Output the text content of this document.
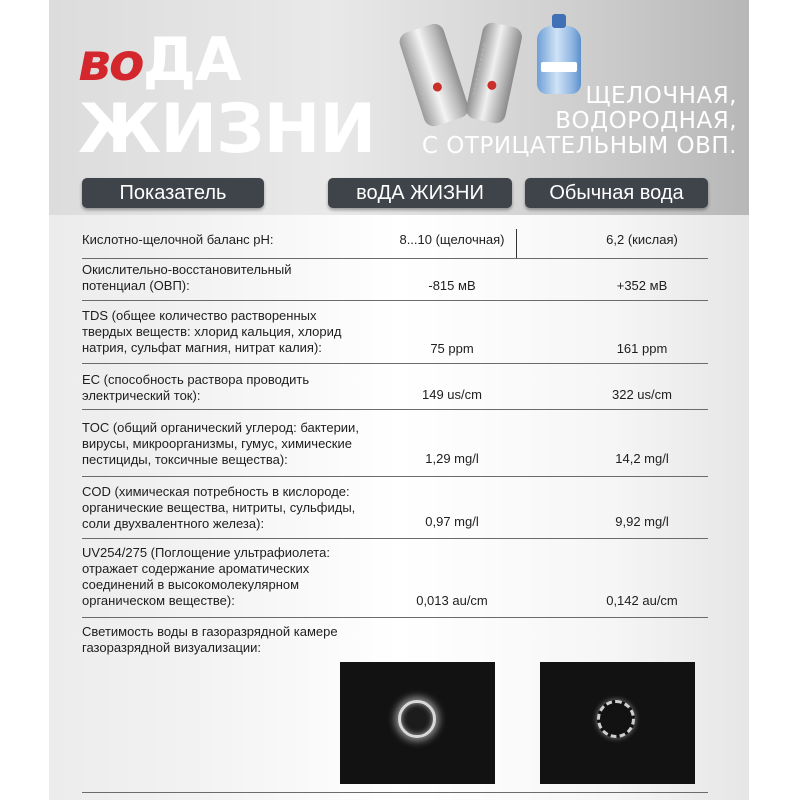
воДА
ЖИЗНИ	ЩЕЛОЧНАЯ,
ВОДОРОДНАЯ,
С ОТРИЦАТЕЛЬНЫМ ОВП.
Показатель	воДА ЖИЗНИ	Обычная вода
Кислотно-щелочной баланс pH:	8...10 (щелочная)	6,2 (кислая)
Окислительно-восстановительный потенциал (ОВП):	-815 мВ	+352 мВ
TDS (общее количество растворенных твердых веществ: хлорид кальция, хлорид натрия, сульфат магния, нитрат калия):	75 ppm	161 ppm
EC (способность раствора проводить электрический ток):	149 us/cm	322 us/cm
TOC (общий органический углерод: бактерии, вирусы, микроорганизмы, гумус, химические пестициды, токсичные вещества):	1,29 mg/l	14,2 mg/l
COD (химическая потребность в кислороде: органические вещества, нитриты, сульфиды, соли двухвалентного железа):	0,97 mg/l	9,92 mg/l
UV254/275 (Поглощение ультрафиолета: отражает содержание ароматических соединений в высокомолекулярном органическом веществе):	0,013 au/cm	0,142 au/cm
Светимость воды в газоразрядной камере газоразрядной визуализации:
